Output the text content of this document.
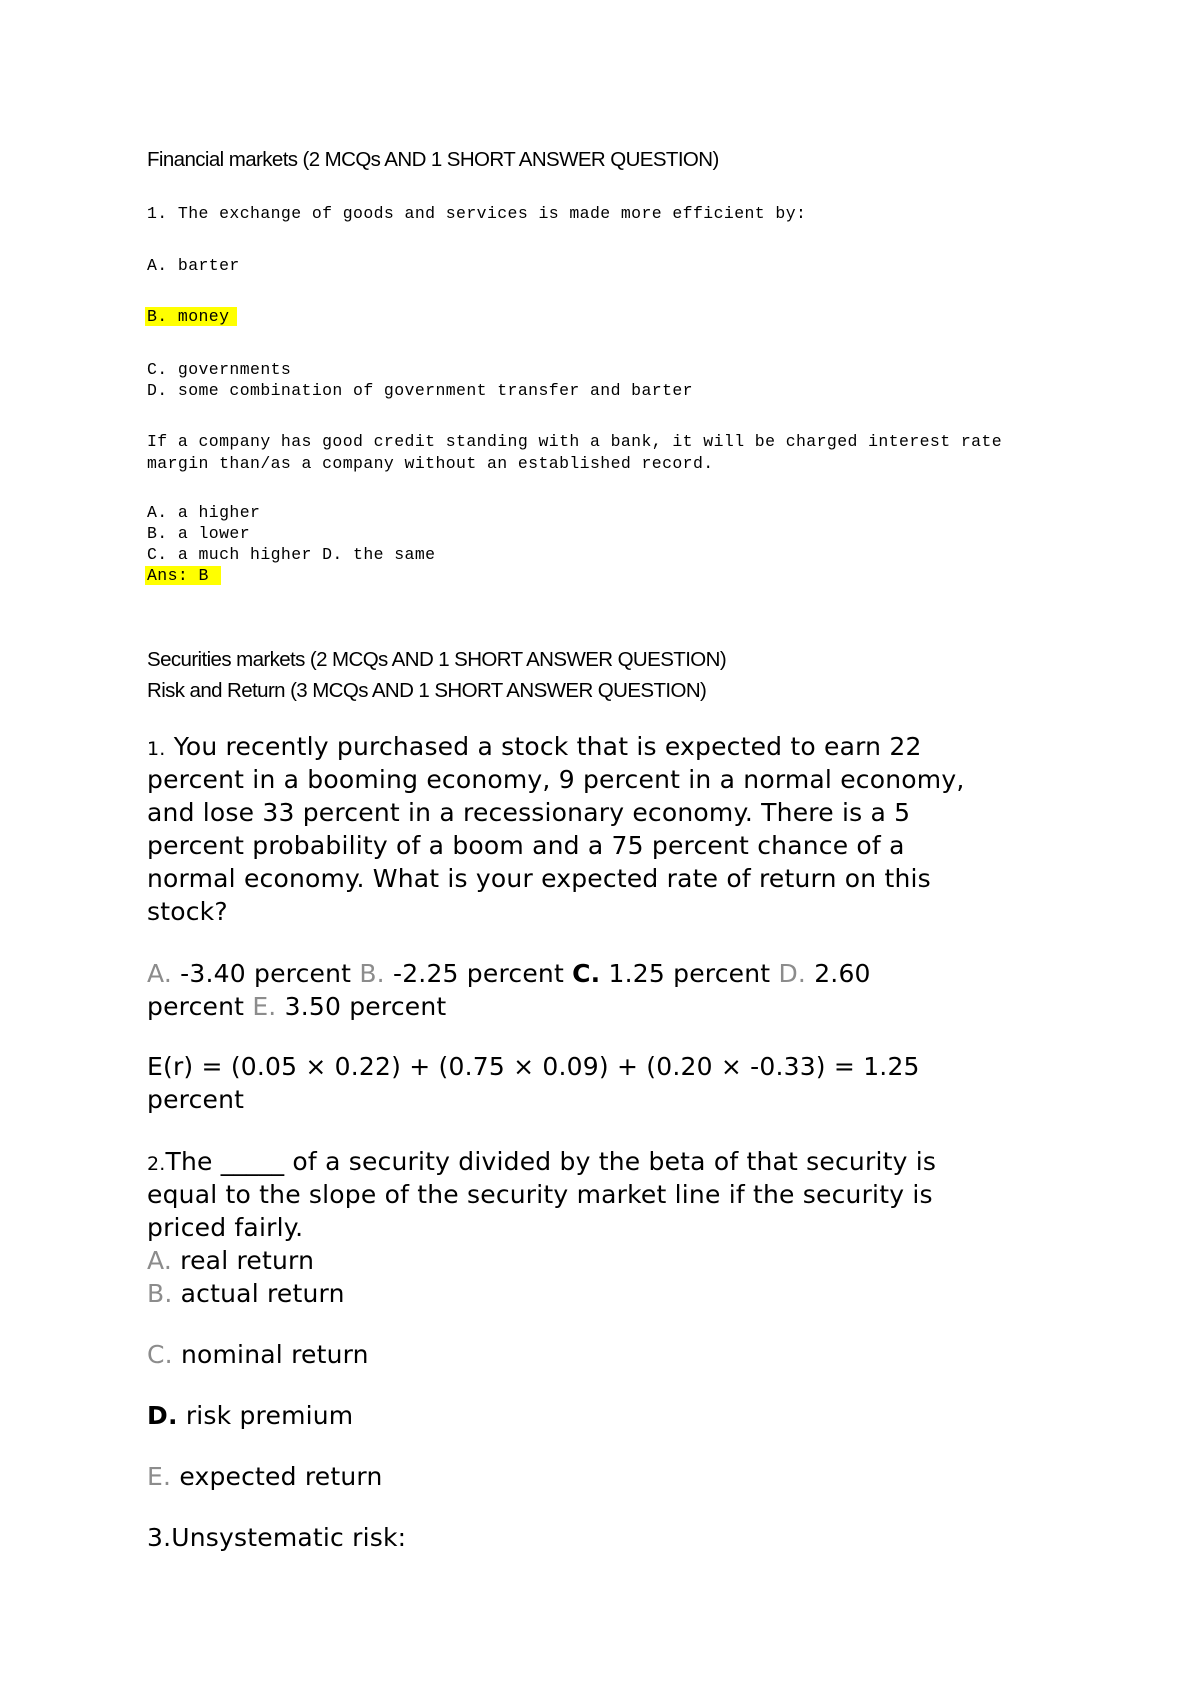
Financial markets (2 MCQs AND 1 SHORT ANSWER QUESTION)
1. The exchange of goods and services is made more efficient by:
A. barter
B. money
C. governments
D. some combination of government transfer and barter
If a company has good credit standing with a bank, it will be charged interest rate
margin than/as a company without an established record.
A. a higher
B. a lower
C. a much higher D. the same
Ans: B
Securities markets (2 MCQs AND 1 SHORT ANSWER QUESTION)
Risk and Return (3 MCQs AND 1 SHORT ANSWER QUESTION)
1. You recently purchased a stock that is expected to earn 22
percent in a booming economy, 9 percent in a normal economy,
and lose 33 percent in a recessionary economy. There is a 5
percent probability of a boom and a 75 percent chance of a
normal economy. What is your expected rate of return on this
stock?
A. -3.40 percent B. -2.25 percent C. 1.25 percent D. 2.60
percent E. 3.50 percent
E(r) = (0.05 × 0.22) + (0.75 × 0.09) + (0.20 × -0.33) = 1.25
percent
2.The _____ of a security divided by the beta of that security is
equal to the slope of the security market line if the security is
priced fairly.
A. real return
B. actual return
C. nominal return
D. risk premium
E. expected return
3.Unsystematic risk:
